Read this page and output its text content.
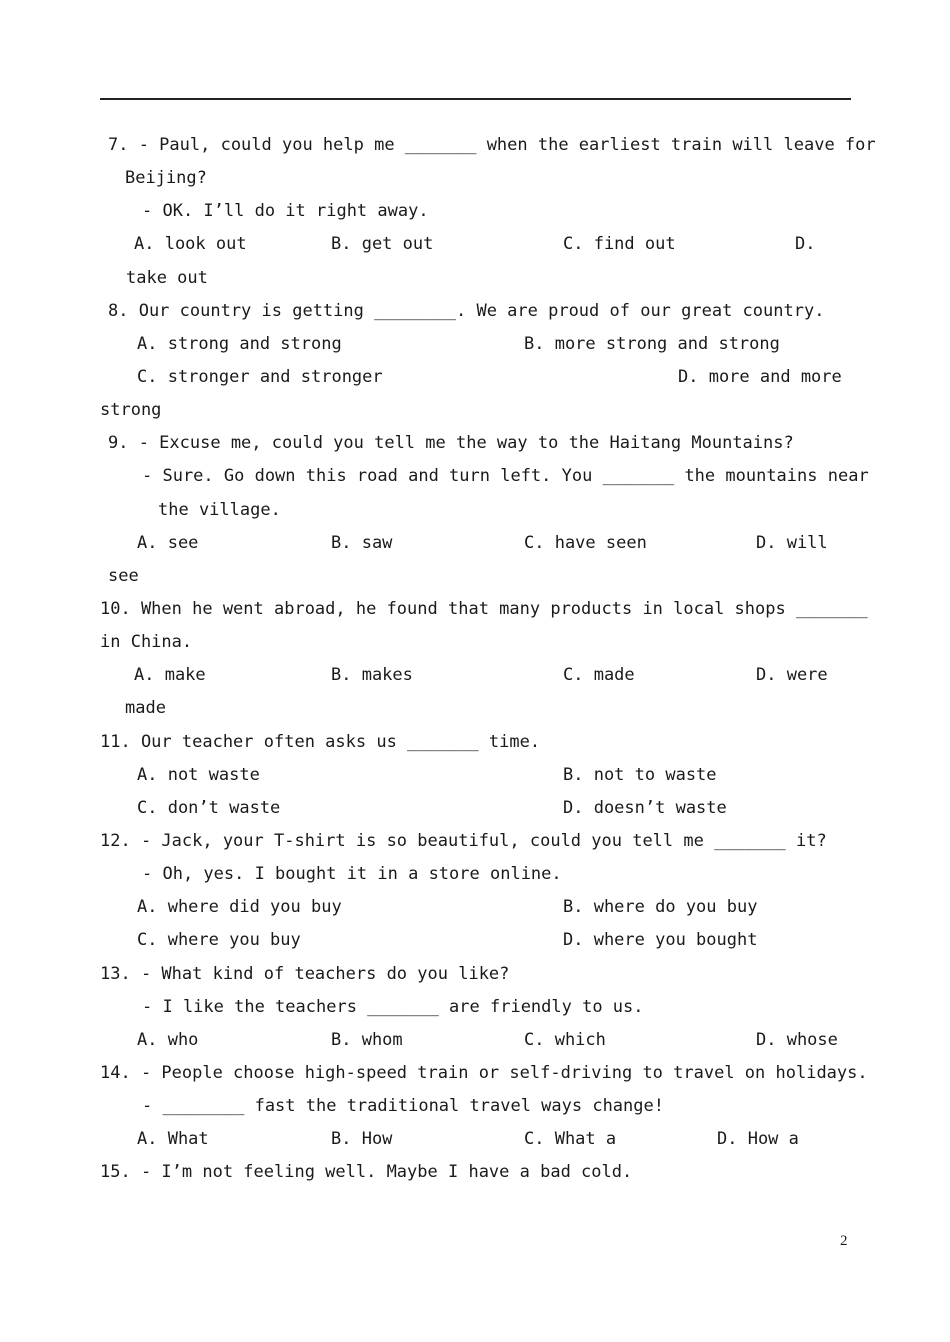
7. - Paul, could you help me _______ when the earliest train will leave for
Beijing?
- OK. I’ll do it right away.
A. look out	B. get out	C. find out	D.
take out
8. Our country is getting ________. We are proud of our great country.
A. strong and strong	B. more strong and strong
C. stronger and stronger	D. more and more
strong
9. - Excuse me, could you tell me the way to the Haitang Mountains?
- Sure. Go down this road and turn left. You _______ the mountains near
the village.
A. see	B. saw	C. have seen	D. will
see
10. When he went abroad, he found that many products in local shops _______
in China.
A. make	B. makes	C. made	D. were
made
11. Our teacher often asks us _______ time.
A. not waste	B. not to waste
C. don’t waste	D. doesn’t waste
12. - Jack, your T-shirt is so beautiful, could you tell me _______ it?
- Oh, yes. I bought it in a store online.
A. where did you buy	B. where do you buy
C. where you buy	D. where you bought
13. - What kind of teachers do you like?
- I like the teachers _______ are friendly to us.
A. who	B. whom	C. which	D. whose
14. - People choose high-speed train or self-driving to travel on holidays.
- ________ fast the traditional travel ways change!
A. What	B. How	C. What a	D. How a
15. - I’m not feeling well. Maybe I have a bad cold.
2
